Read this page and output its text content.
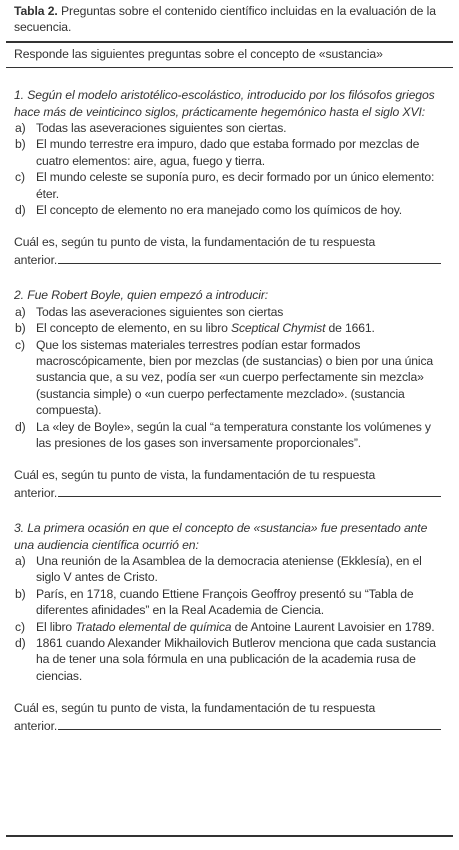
Tabla 2. Preguntas sobre el contenido científico incluidas en la evaluación de la secuencia.
Responde las siguientes preguntas sobre el concepto de «sustancia»
1. Según el modelo aristotélico-escolástico, introducido por los filósofos griegos hace más de veinticinco siglos, prácticamente hegemónico hasta el siglo XVI:
a) Todas las aseveraciones siguientes son ciertas.
b) El mundo terrestre era impuro, dado que estaba formado por mezclas de cuatro elementos: aire, agua, fuego y tierra.
c) El mundo celeste se suponía puro, es decir formado por un único elemento: éter.
d) El concepto de elemento no era manejado como los químicos de hoy.
Cuál es, según tu punto de vista, la fundamentación de tu respuesta
anterior.
2. Fue Robert Boyle, quien empezó a introducir:
a) Todas las aseveraciones siguientes son ciertas
b) El concepto de elemento, en su libro Sceptical Chymist de 1661.
c) Que los sistemas materiales terrestres podían estar formados macroscópicamente, bien por mezclas (de sustancias) o bien por una única sustancia que, a su vez, podía ser «un cuerpo perfectamente sin mezcla» (sustancia simple) o «un cuerpo perfectamente mezclado». (sustancia compuesta).
d) La «ley de Boyle», según la cual “a temperatura constante los volúmenes y las presiones de los gases son inversamente proporcionales”.
Cuál es, según tu punto de vista, la fundamentación de tu respuesta
anterior.
3. La primera ocasión en que el concepto de «sustancia» fue presentado ante una audiencia científica ocurrió en:
a) Una reunión de la Asamblea de la democracia ateniense (Ekklesía), en el siglo V antes de Cristo.
b) París, en 1718, cuando Ettiene François Geoffroy presentó su “Tabla de diferentes afinidades” en la Real Academia de Ciencia.
c) El libro Tratado elemental de química de Antoine Laurent Lavoisier en 1789.
d) 1861 cuando Alexander Mikhailovich Butlerov menciona que cada sustancia ha de tener una sola fórmula en una publicación de la academia rusa de ciencias.
Cuál es, según tu punto de vista, la fundamentación de tu respuesta
anterior.
